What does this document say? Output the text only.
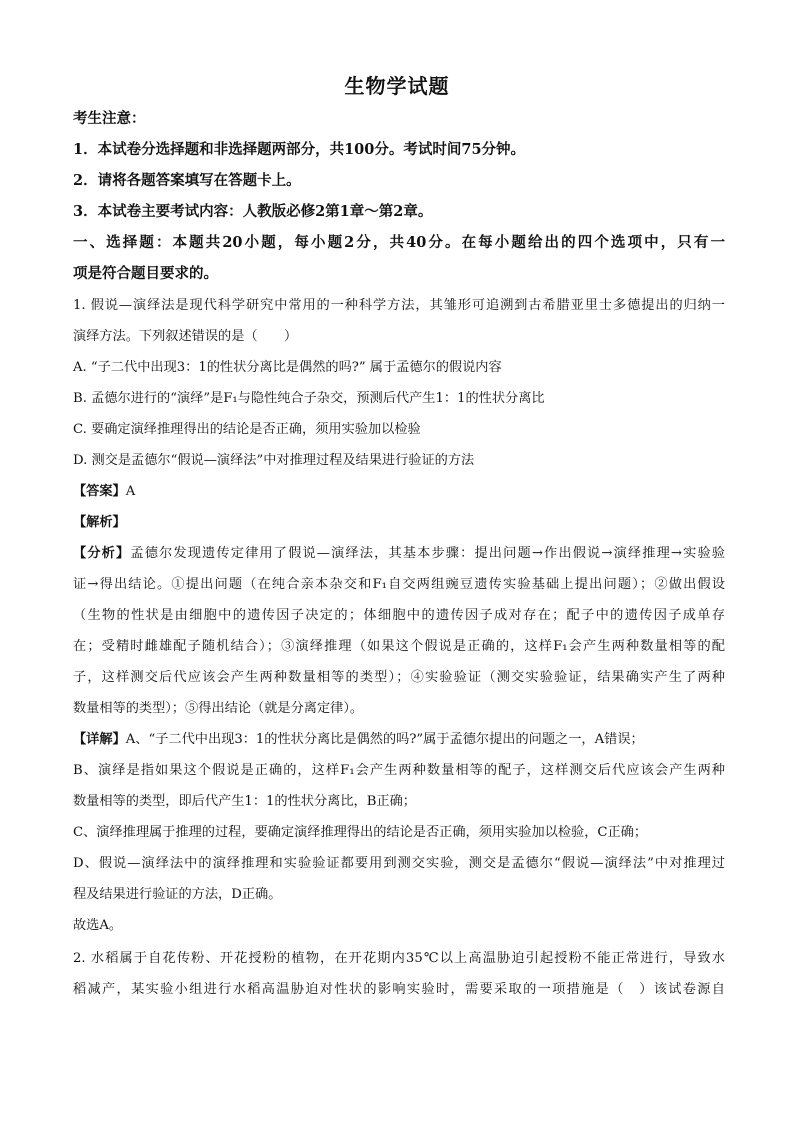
生物学试题
考生注意：
1．本试卷分选择题和非选择题两部分，共100分。考试时间75分钟。
2．请将各题答案填写在答题卡上。
3．本试卷主要考试内容：人教版必修2第1章～第2章。
一、选择题：本题共20小题，每小题2分，共40分。在每小题给出的四个选项中，只有一
项是符合题目要求的。
1. 假说—演绎法是现代科学研究中常用的一种科学方法，其雏形可追溯到古希腊亚里士多德提出的归纳一
演绎方法。下列叙述错误的是（　　）
A. “子二代中出现3：1的性状分离比是偶然的吗?” 属于孟德尔的假说内容
B. 孟德尔进行的“演绎”是F₁与隐性纯合子杂交，预测后代产生1：1的性状分离比
C. 要确定演绎推理得出的结论是否正确，须用实验加以检验
D. 测交是孟德尔“假说—演绎法”中对推理过程及结果进行验证的方法
【答案】A
【解析】
【分析】孟德尔发现遗传定律用了假说—演绎法，其基本步骤：提出问题→作出假说→演绎推理→实验验
证→得出结论。①提出问题（在纯合亲本杂交和F₁自交两组豌豆遗传实验基础上提出问题）；②做出假设
（生物的性状是由细胞中的遗传因子决定的；体细胞中的遗传因子成对存在；配子中的遗传因子成单存
在；受精时雌雄配子随机结合）；③演绎推理（如果这个假说是正确的，这样F₁会产生两种数量相等的配
子，这样测交后代应该会产生两种数量相等的类型）；④实验验证（测交实验验证，结果确实产生了两种
数量相等的类型）；⑤得出结论（就是分离定律）。
【详解】A、“子二代中出现3：1的性状分离比是偶然的吗?”属于孟德尔提出的问题之一，A错误；
B、演绎是指如果这个假说是正确的，这样F₁会产生两种数量相等的配子，这样测交后代应该会产生两种
数量相等的类型，即后代产生1：1的性状分离比，B正确；
C、演绎推理属于推理的过程，要确定演绎推理得出的结论是否正确，须用实验加以检验，C正确；
D、假说—演绎法中的演绎推理和实验验证都要用到测交实验，测交是孟德尔“假说—演绎法”中对推理过
程及结果进行验证的方法，D正确。
故选A。
2. 水稻属于自花传粉、开花授粉的植物，在开花期内35℃以上高温胁迫引起授粉不能正常进行，导致水
稻减产，某实验小组进行水稻高温胁迫对性状的影响实验时，需要采取的一项措施是（　）该试卷源自
